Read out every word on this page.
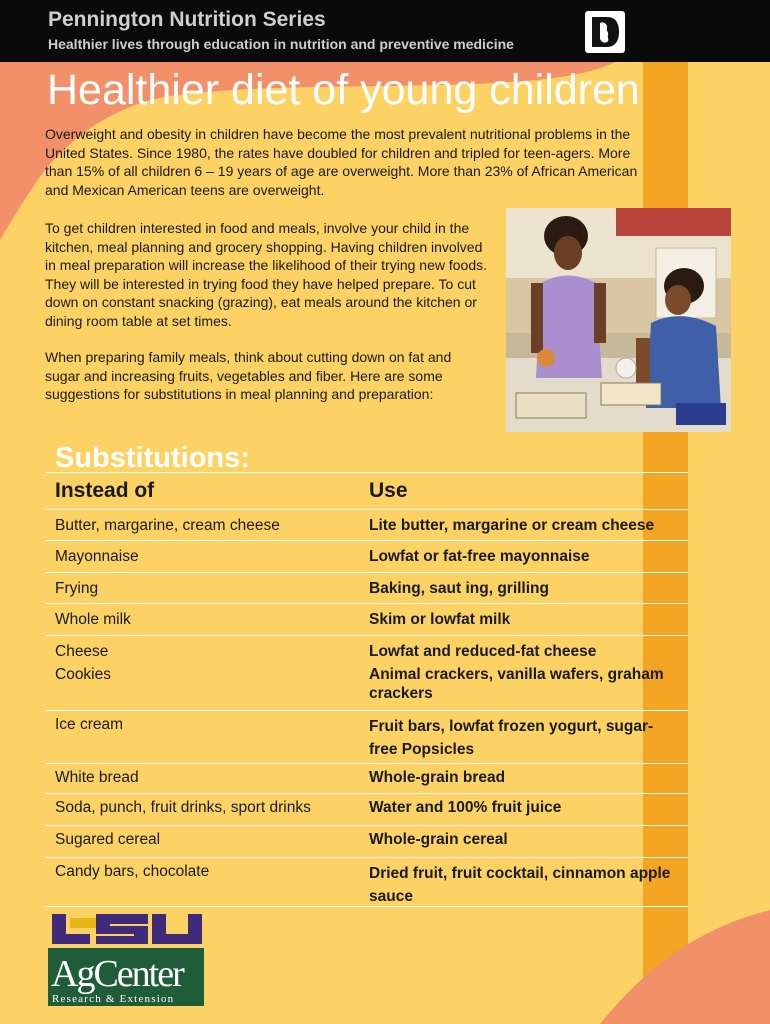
Pennington Nutrition Series
Healthier lives through education in nutrition and preventive medicine
Healthier diet of young children
Overweight and obesity in children have become the most prevalent nutritional problems in the United States. Since 1980, the rates have doubled for children and tripled for teen-agers. More than 15% of all children 6 – 19 years of age are overweight. More than 23% of African American and Mexican American teens are overweight.
To get children interested in food and meals, involve your child in the kitchen, meal planning and grocery shopping. Having children involved in meal preparation will increase the likelihood of their trying new foods. They will be interested in trying food they have helped prepare. To cut down on constant snacking (grazing), eat meals around the kitchen or dining room table at set times.
When preparing family meals, think about cutting down on fat and sugar and increasing fruits, vegetables and fiber. Here are some suggestions for substitutions in meal planning and preparation:
Substitutions:
Instead of	Use
Butter, margarine, cream cheese	Lite butter, margarine or cream cheese
Mayonnaise	Lowfat or fat-free mayonnaise
Frying	Baking, saut ing, grilling
Whole milk	Skim or lowfat milk
Cheese	Lowfat and reduced-fat cheese
Cookies	Animal crackers, vanilla wafers, graham crackers
Ice cream	Fruit bars, lowfat frozen yogurt, sugar-free Popsicles
White bread	Whole-grain bread
Soda, punch, fruit drinks, sport drinks	Water and 100% fruit juice
Sugared cereal	Whole-grain cereal
Candy bars, chocolate	Dried fruit, fruit cocktail, cinnamon apple sauce
AgCenter
Research & Extension
